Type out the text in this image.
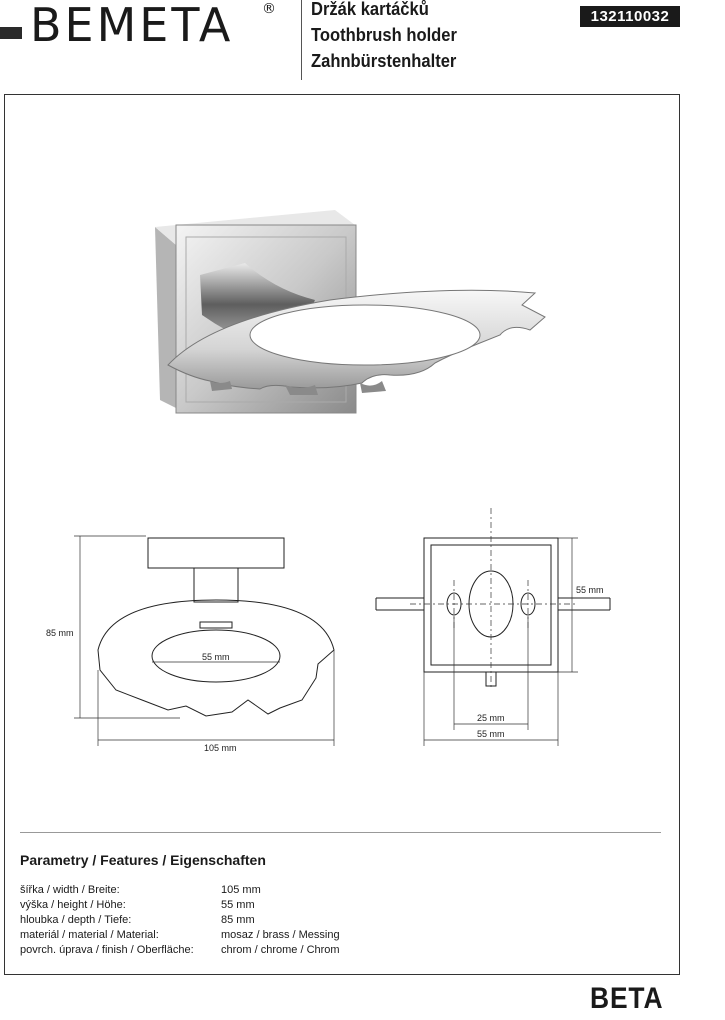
BEMETA ® Držák kartáčků
Toothbrush holder
Zahnbürstenhalter
132110032
85 mm
105 mm
55 mm
55 mm
25 mm
55 mm
Parametry / Features / Eigenschaften
šířka / width / Breite:	105 mm
výška / height / Höhe:	55 mm
hloubka / depth / Tiefe:	85 mm
materiál / material / Material:	mosaz / brass / Messing
povrch. úprava / finish / Oberfläche: chrom / chrome / Chrom
BETA
